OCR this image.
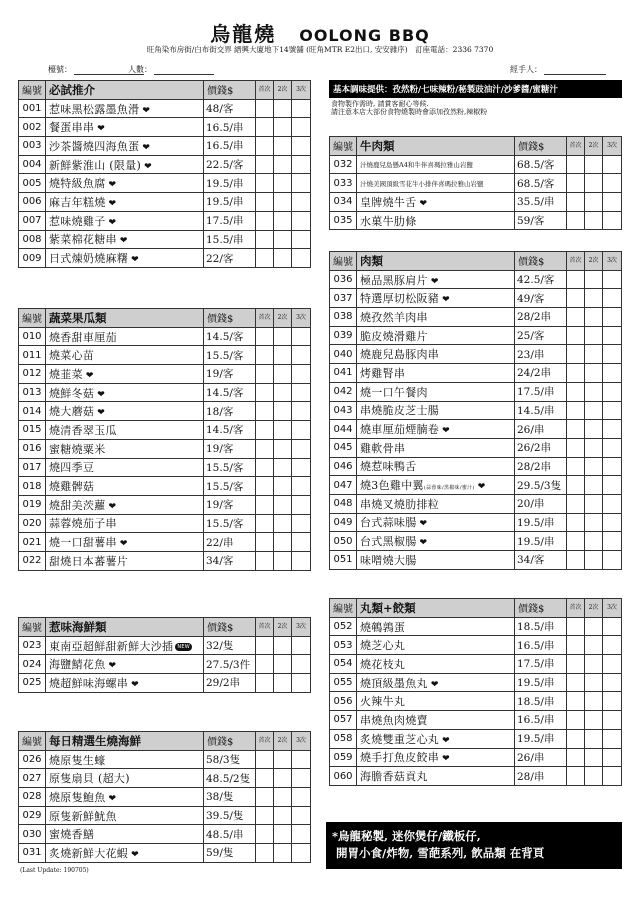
烏龍燒 OOLONG BBQ
旺角染布房街/白布街交界 縉興大廈地下14號舖 (旺角MTR E2出口, 安安雜序)　訂座電話：2336 7370
檯號：	人數：	經手人：
基本調味提供：孜然粉/七味辣粉/秘製豉油汁/沙爹醬/蜜糖汁
食物製作需時, 請賞客耐心等候.
請注意本店大部份食物燒製時會添加孜然粉,辣椒粉
編號	必試推介	價錢$	首次	2次	3次
001	惹味黑松露墨魚滑 ❤	48/客			
002	餐蛋串串 ❤	16.5/串			
003	沙茶醬燒四海魚蛋 ❤	16.5/串			
004	新鮮紫淮山 (限量) ❤	22.5/客			
005	燒特級魚腐 ❤	19.5/串			
006	麻吉年糕燒 ❤	19.5/串			
007	惹味燒雞子 ❤	17.5/串			
008	紫菜棉花糖串 ❤	15.5/串			
009	日式煉奶燒麻糬 ❤	22/客			
編號	蔬菜果瓜類	價錢$	首次	2次	3次
010	燒香甜車厘茄	14.5/客			
011	燒菜心苗	15.5/客			
012	燒韮菜 ❤	19/客			
013	燒鮮冬菇 ❤	14.5/客			
014	燒大蘑菇 ❤	18/客			
015	燒清香翠玉瓜	14.5/客			
016	蜜糖燒粟米	19/客			
017	燒四季豆	15.5/客			
018	燒雞髀菇	15.5/客			
019	燒甜美茨蘿 ❤	19/客			
020	蒜蓉燒茄子串	15.5/客			
021	燒一口甜薯串 ❤	22/串			
022	甜燒日本蕃薯片	34/客			
編號	惹味海鮮類	價錢$	首次	2次	3次
023	東南亞超鮮甜新鮮大沙插 NEW	32/隻			
024	海鹽鯖花魚 ❤	27.5/3件			
025	燒超鮮味海螺串 ❤	29/2串			
編號	每日精選生燒海鮮	價錢$	首次	2次	3次
026	燒原隻生蠔	58/3隻			
027	原隻扇貝 (超大)	48.5/2隻			
028	燒原隻鮑魚 ❤	38/隻			
029	原隻新鮮魷魚	39.5/隻			
030	蜜燒香鱔	48.5/串			
031	炙燒新鮮大花蝦 ❤	59/隻			
編號	牛肉類	價錢$	首次	2次	3次
032	汁燒鹿兒島懸A4和牛伴喜瑪拉雅山岩鹽	68.5/客			
033	汁燒美國頂級雪花牛小排伴喜瑪拉雅山岩鹽	68.5/客			
034	皇牌燒牛舌 ❤	35.5/串			
035	水菓牛肋條	59/客			
編號	肉類	價錢$	首次	2次	3次
036	極品黑豚肩片 ❤	42.5/客			
037	特選厚切松阪豬 ❤	49/客			
038	燒孜然羊肉串	28/2串			
039	脆皮燒滑雞片	25/客			
040	燒鹿兒島豚肉串	23/串			
041	烤雞腎串	24/2串			
042	燒一口午餐肉	17.5/串			
043	串燒脆皮芝士腸	14.5/串			
044	燒車厘茄煙腩卷 ❤	26/串			
045	雞軟骨串	26/2串			
046	燒惹味鴨舌	28/2串			
047	燒3色雞中翼(蒜蓉味/黑椒味/蜜汁) ❤	29.5/3隻			
048	串燒叉燒肋排粒	20/串			
049	台式蒜味腸 ❤	19.5/串			
050	台式黑椒腸 ❤	19.5/串			
051	味噌燒大腸	34/客			
編號	丸類+餃類	價錢$	首次	2次	3次
052	燒鵪鶉蛋	18.5/串			
053	燒芝心丸	16.5/串			
054	燒花枝丸	17.5/串			
055	燒頂級墨魚丸 ❤	19.5/串			
056	火辣牛丸	18.5/串			
057	串燒魚肉燒賣	16.5/串			
058	炙燒雙重芝心丸 ❤	19.5/串			
059	燒手打魚皮餃串 ❤	26/串			
060	海膽香菇貢丸	28/串			
*烏龍秘製, 迷你煲仔/鐵板仔,
開胃小食/炸物, 雪葩系列, 飲品類 在背頁
(Last Update: 190705)
